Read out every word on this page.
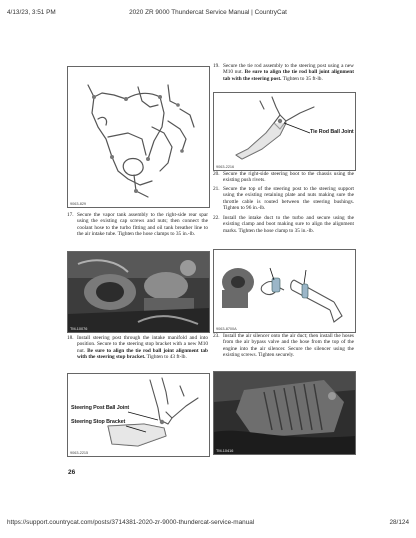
4/13/23, 3:51 PM	2020 ZR 9000 Thundercat Service Manual | CountryCat
9063-829
17. Secure the vapor tank assembly to the right-side rear spar using the existing cap screws and nuts; then connect the coolant hose to the turbo fitting and oil tank breather line to the air intake tube. Tighten the hose clamps to 35 in.-lb.
TM-10076
18. Install steering post through the intake manifold and into position. Secure to the steering stop bracket with a new M10 nut. Be sure to align the tie rod ball joint alignment tab with the steering stop bracket. Tighten to 43 ft-lb.
Steering Post Ball Joint
Steering Stop Bracket
9063-2215
26
19. Secure the tie rod assembly to the steering post using a new M10 nut. Be sure to align the tie rod ball joint alignment tab with the steering post. Tighten to 35 ft-lb.
Tie Rod Ball Joint
9063-2216
20. Secure the right-side steering boot to the chassis using the existing push rivets.
21. Secure the top of the steering post to the steering support using the existing retaining plate and nuts making sure the throttle cable is routed between the steering bushings. Tighten to 96 in.-lb.
22. Install the intake duct to the turbo and secure using the existing clamp and boot making sure to align the alignment marks. Tighten the hose clamp to 35 in.-lb.
9063-8700A
23. Install the air silencer onto the air duct; then install the hoses from the air bypass valve and the hose from the top of the engine into the air silencer. Secure the silencer using the existing screws. Tighten securely.
TM-10416
https://support.countrycat.com/posts/3714381-2020-zr-9000-thundercat-service-manual	28/124
